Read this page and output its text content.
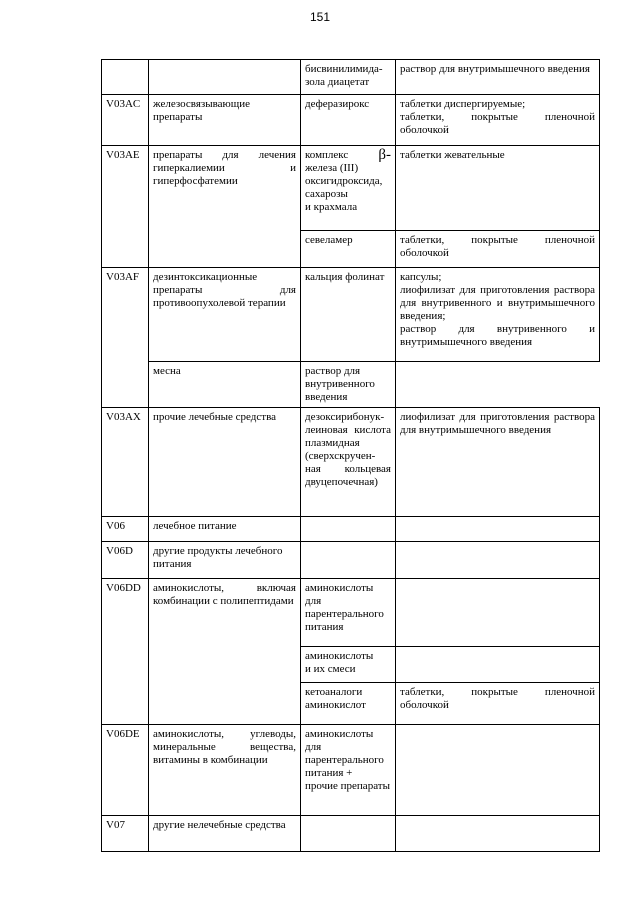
151
		бисвинилимида-
зола диацетат	раствор для внутримышечного введения
V03AC	железосвязывающие препараты	деферазирокс	таблетки диспергируемые;
таблетки, покрытые пленочной оболочкой
V03AE	препараты для лечения гиперкалиемии и гиперфосфатемии	β-
комплекс
железа (III) оксигидроксида, сахарозы
и крахмала	таблетки жевательные
		севеламер	таблетки, покрытые пленочной оболочкой
V03AF	дезинтоксикационные препараты для противоопухолевой терапии	кальция фолинат	капсулы;
лиофилизат для приготовления раствора для внутривенного и внутримышечного введения;
раствор для внутривенного и внутримышечного введения
	месна	раствор для внутривенного введения	
V03AX	прочие лечебные средства	дезоксирибонук-
леиновая кислота плазмидная (сверхскручен-
ная кольцевая двуцепочечная)	лиофилизат для приготовления раствора для внутримышечного введения
V06	лечебное питание		
V06D	другие продукты лечебного питания		
V06DD	аминокислоты, включая комбинации с полипептидами	аминокислоты для парентерального питания	
		аминокислоты
и их смеси	
		кетоаналоги аминокислот	таблетки, покрытые пленочной оболочкой
V06DE	аминокислоты, углеводы, минеральные вещества, витамины в комбинации	аминокислоты для парентерального питания +
прочие препараты	
V07	другие нелечебные средства		
